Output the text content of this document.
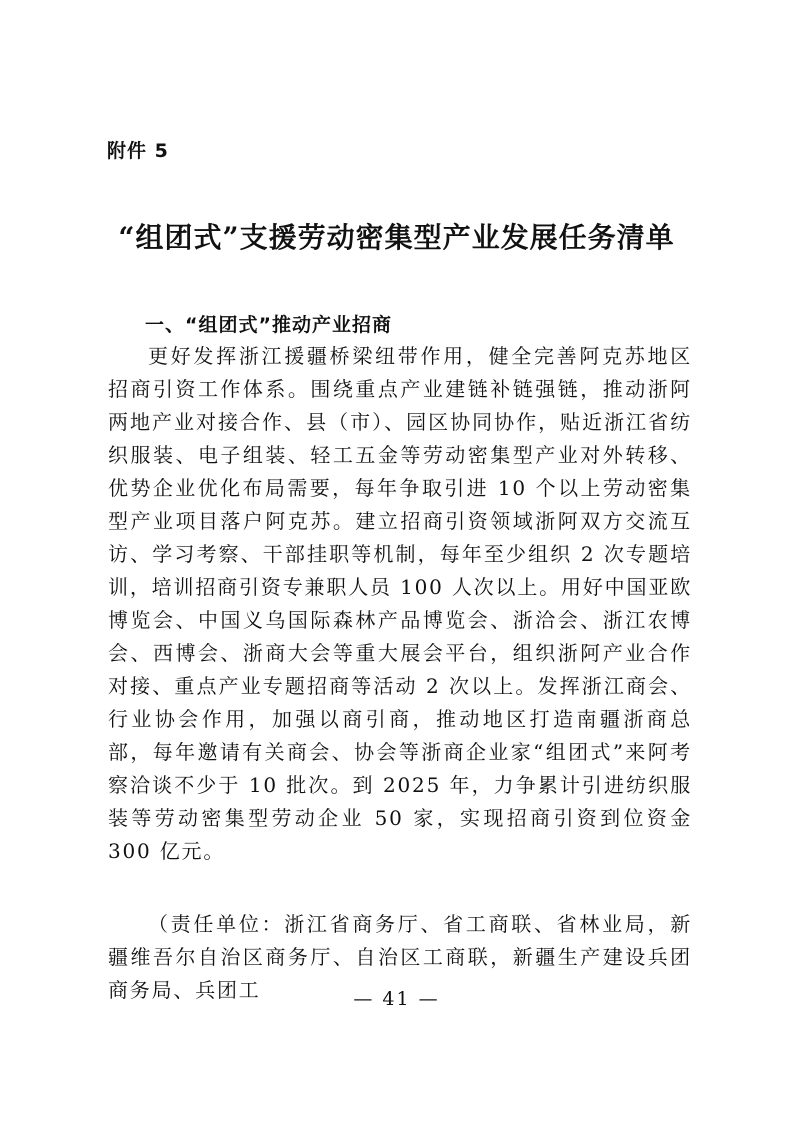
附件 5
“组团式”支援劳动密集型产业发展任务清单
一、“组团式”推动产业招商

更好发挥浙江援疆桥梁纽带作用，健全完善阿克苏地区招商引资工作体系。围绕重点产业建链补链强链，推动浙阿两地产业对接合作、县（市）、园区协同协作，贴近浙江省纺织服装、电子组装、轻工五金等劳动密集型产业对外转移、优势企业优化布局需要，每年争取引进 10 个以上劳动密集型产业项目落户阿克苏。建立招商引资领域浙阿双方交流互访、学习考察、干部挂职等机制，每年至少组织 2 次专题培训，培训招商引资专兼职人员 100 人次以上。用好中国亚欧博览会、中国义乌国际森林产品博览会、浙洽会、浙江农博会、西博会、浙商大会等重大展会平台，组织浙阿产业合作对接、重点产业专题招商等活动 2 次以上。发挥浙江商会、行业协会作用，加强以商引商，推动地区打造南疆浙商总部，每年邀请有关商会、协会等浙商企业家“组团式”来阿考察洽谈不少于 10 批次。到 2025 年，力争累计引进纺织服装等劳动密集型劳动企业 50 家，实现招商引资到位资金 300 亿元。

（责任单位：浙江省商务厅、省工商联、省林业局，新疆维吾尔自治区商务厅、自治区工商联，新疆生产建设兵团商务局、兵团工	— 41 —
